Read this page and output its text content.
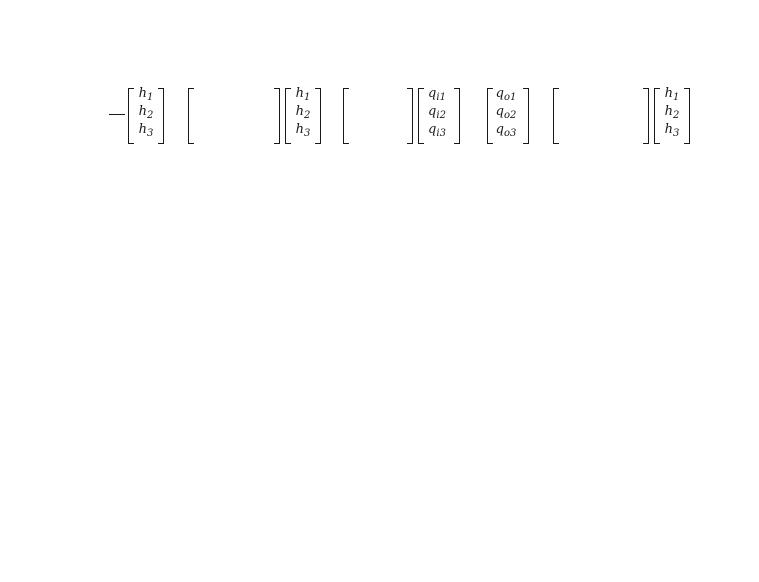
$h_1$
$h_2$
$h_3$
$h_1$
$h_2$
$h_3$
$q_{i1}$
$q_{i2}$
$q_{i3}$
$q_{o1}$
$q_{o2}$
$q_{o3}$
$h_1$
$h_2$
$h_3$
